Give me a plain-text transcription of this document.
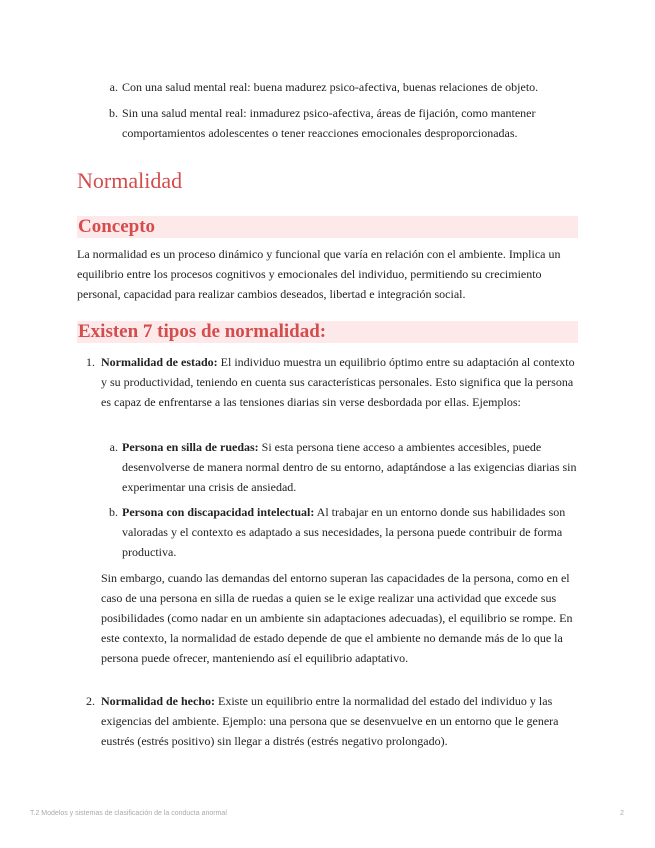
a. Con una salud mental real: buena madurez psico-afectiva, buenas relaciones de objeto.

b. Sin una salud mental real: inmadurez psico-afectiva, áreas de fijación, como mantener comportamientos adolescentes o tener reacciones emocionales desproporcionadas.

Normalidad
Concepto

La normalidad es un proceso dinámico y funcional que varía en relación con el ambiente. Implica un equilibrio entre los procesos cognitivos y emocionales del individuo, permitiendo su crecimiento personal, capacidad para realizar cambios deseados, libertad e integración social.

Existen 7 tipos de normalidad:
1. Normalidad de estado: El individuo muestra un equilibrio óptimo entre su adaptación al contexto y su productividad, teniendo en cuenta sus características personales. Esto significa que la persona es capaz de enfrentarse a las tensiones diarias sin verse desbordada por ellas. Ejemplos:

a. Persona en silla de ruedas: Si esta persona tiene acceso a ambientes accesibles, puede desenvolverse de manera normal dentro de su entorno, adaptándose a las exigencias diarias sin experimentar una crisis de ansiedad.

b. Persona con discapacidad intelectual: Al trabajar en un entorno donde sus habilidades son valoradas y el contexto es adaptado a sus necesidades, la persona puede contribuir de forma productiva.

Sin embargo, cuando las demandas del entorno superan las capacidades de la persona, como en el caso de una persona en silla de ruedas a quien se le exige realizar una actividad que excede sus posibilidades (como nadar en un ambiente sin adaptaciones adecuadas), el equilibrio se rompe. En este contexto, la normalidad de estado depende de que el ambiente no demande más de lo que la persona puede ofrecer, manteniendo así el equilibrio adaptativo.

2. Normalidad de hecho: Existe un equilibrio entre la normalidad del estado del individuo y las exigencias del ambiente. Ejemplo: una persona que se desenvuelve en un entorno que le genera eustrés (estrés positivo) sin llegar a distrés (estrés negativo prolongado).

T.2 Modelos y sistemas de clasificación de la conducta anormal	2
